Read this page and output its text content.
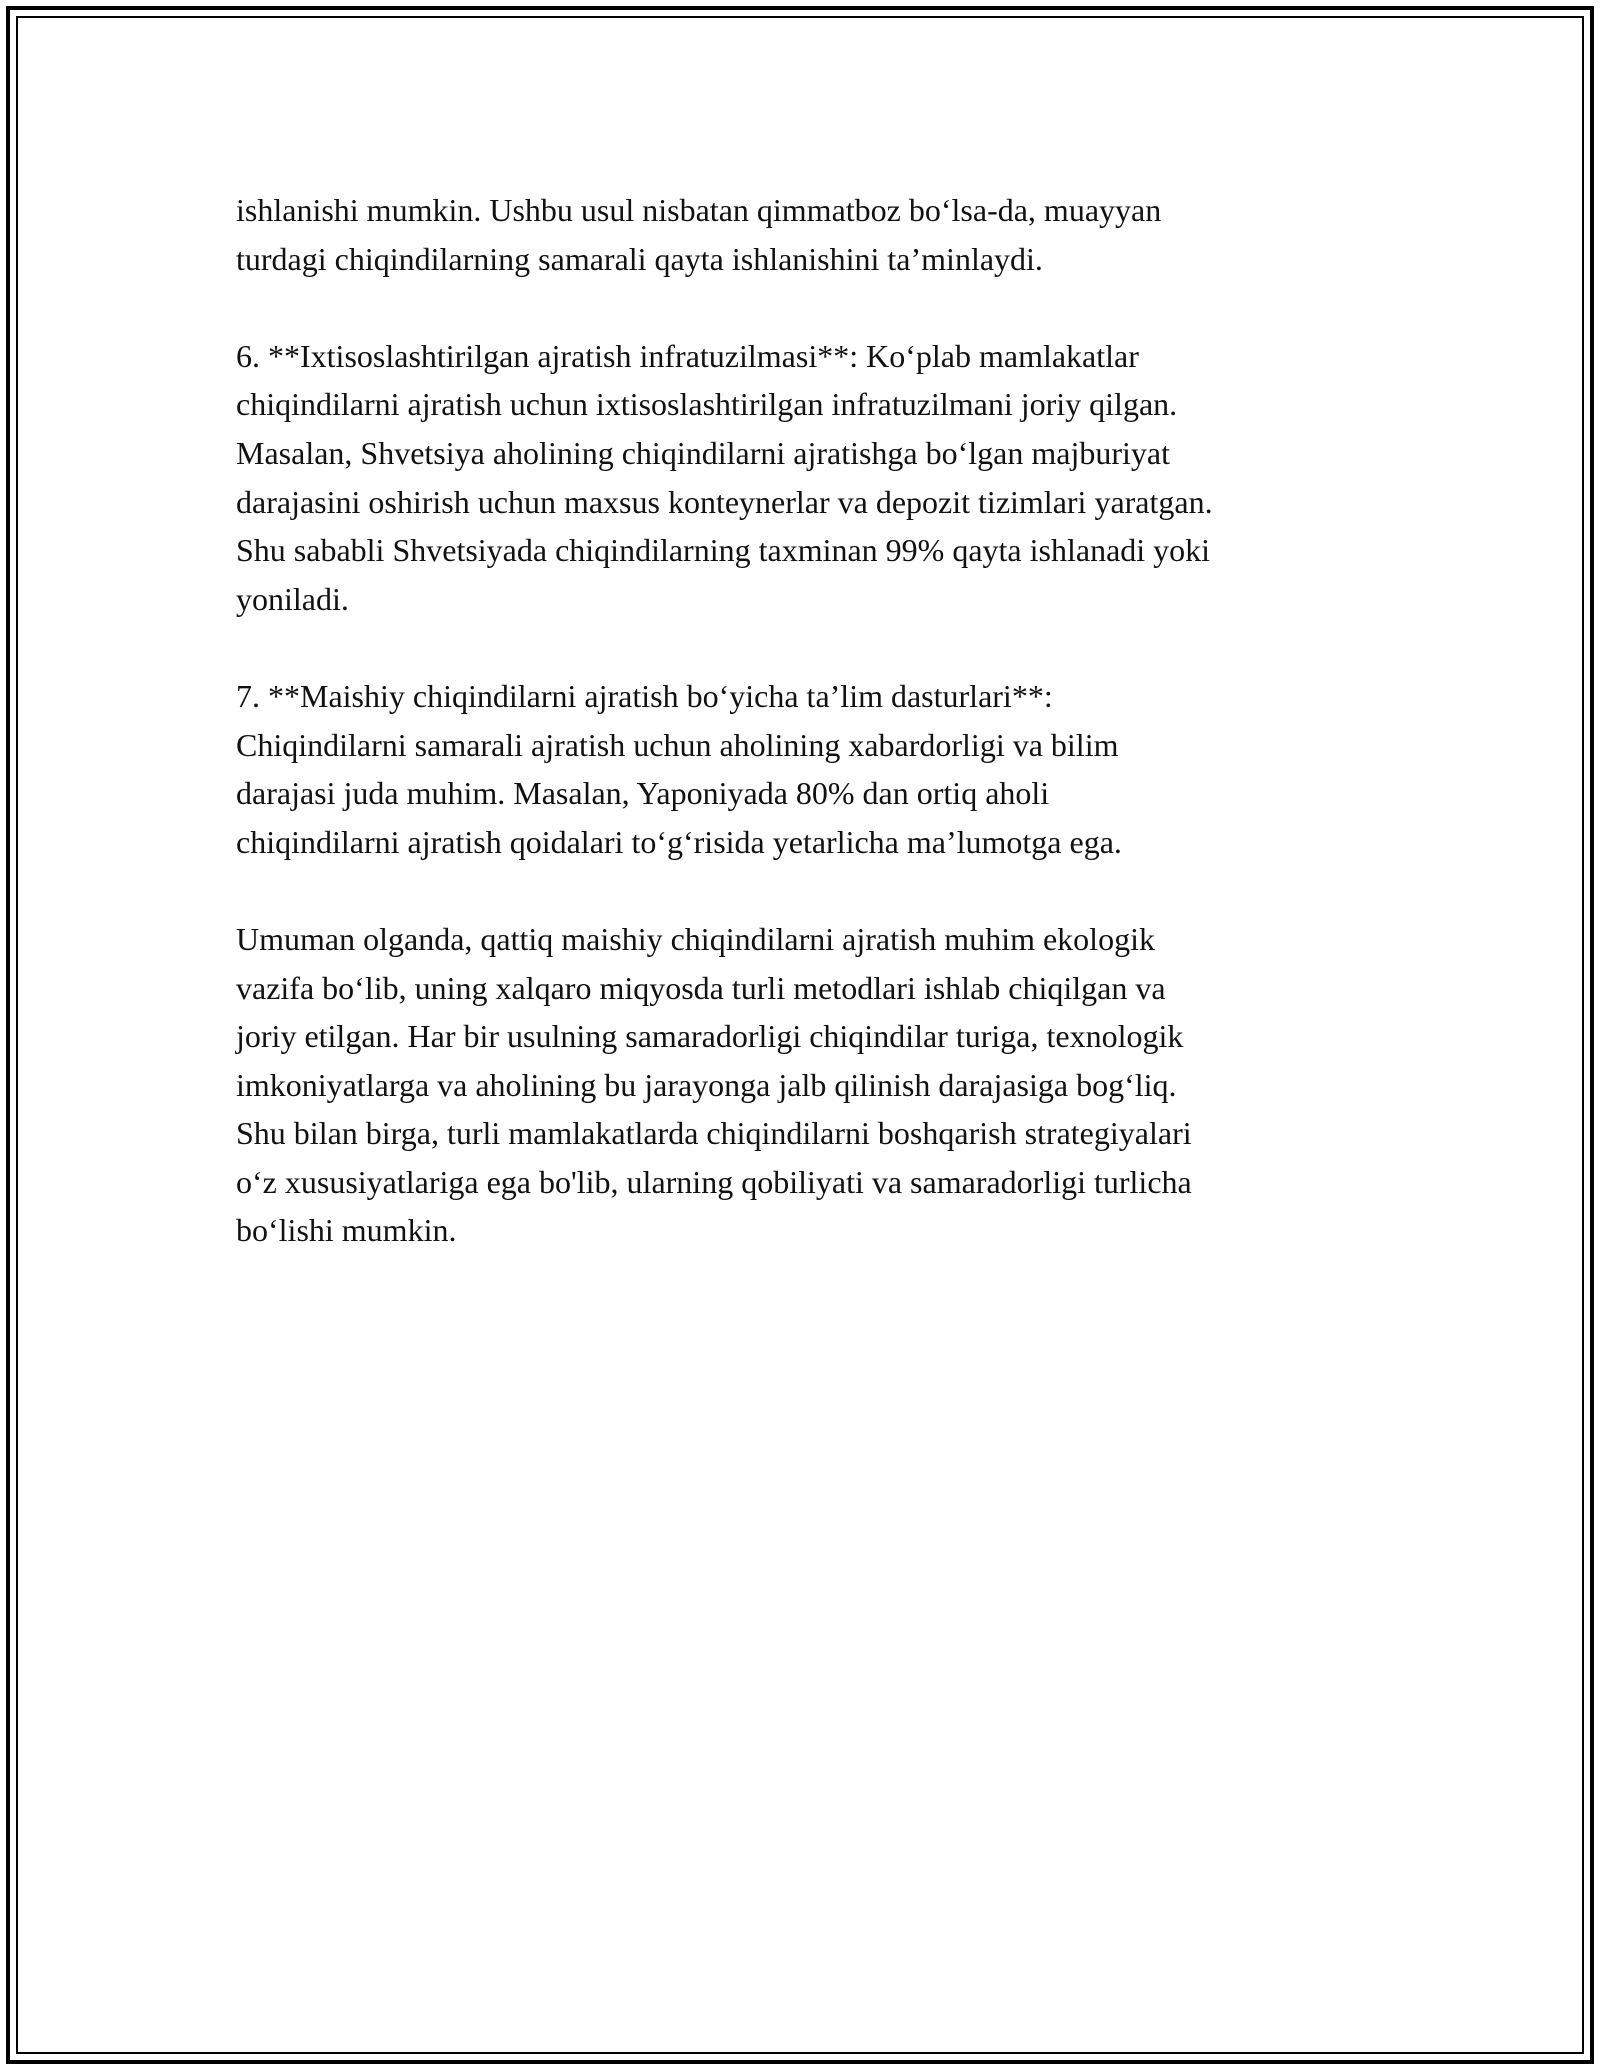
ishlanishi mumkin. Ushbu usul nisbatan qimmatboz bo‘lsa-da, muayyan
turdagi chiqindilarning samarali qayta ishlanishini ta’minlaydi.

6. **Ixtisoslashtirilgan ajratish infratuzilmasi**: Ko‘plab mamlakatlar
chiqindilarni ajratish uchun ixtisoslashtirilgan infratuzilmani joriy qilgan.
Masalan, Shvetsiya aholining chiqindilarni ajratishga bo‘lgan majburiyat
darajasini oshirish uchun maxsus konteynerlar va depozit tizimlari yaratgan.
Shu sababli Shvetsiyada chiqindilarning taxminan 99% qayta ishlanadi yoki
yoniladi.

7. **Maishiy chiqindilarni ajratish bo‘yicha ta’lim dasturlari**:
Chiqindilarni samarali ajratish uchun aholining xabardorligi va bilim
darajasi juda muhim. Masalan, Yaponiyada 80% dan ortiq aholi
chiqindilarni ajratish qoidalari to‘g‘risida yetarlicha ma’lumotga ega.

Umuman olganda, qattiq maishiy chiqindilarni ajratish muhim ekologik
vazifa bo‘lib, uning xalqaro miqyosda turli metodlari ishlab chiqilgan va
joriy etilgan. Har bir usulning samaradorligi chiqindilar turiga, texnologik
imkoniyatlarga va aholining bu jarayonga jalb qilinish darajasiga bog‘liq.
Shu bilan birga, turli mamlakatlarda chiqindilarni boshqarish strategiyalari
o‘z xususiyatlariga ega bo'lib, ularning qobiliyati va samaradorligi turlicha
bo‘lishi mumkin.
